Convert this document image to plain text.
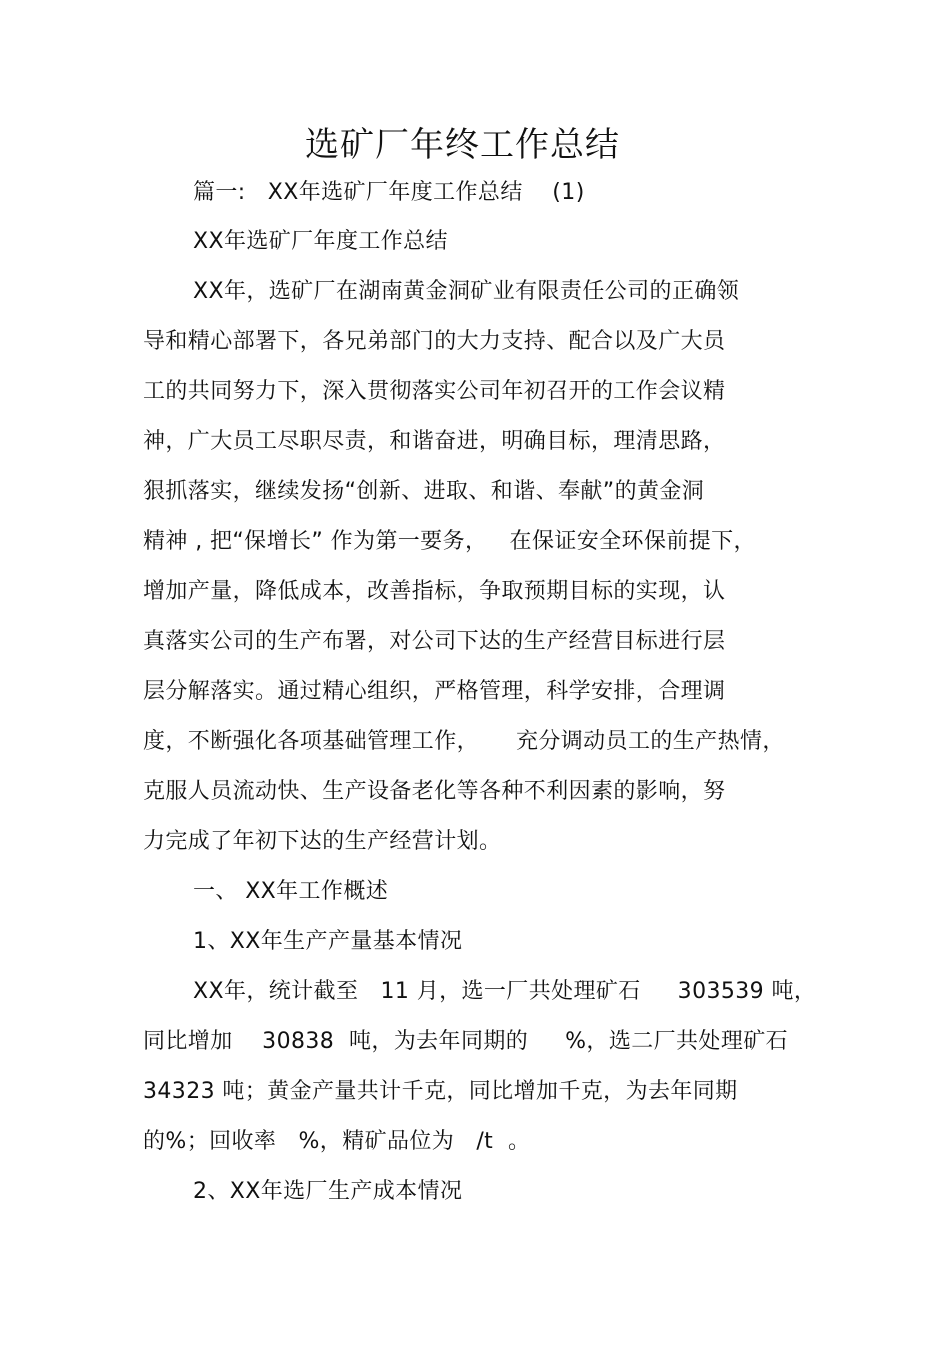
选矿厂年终工作总结
篇一:   XX年选矿厂年度工作总结    (1)
XX年选矿厂年度工作总结
XX年，选矿厂在湖南黄金洞矿业有限责任公司的正确领
导和精心部署下，各兄弟部门的大力支持、配合以及广大员
工的共同努力下，深入贯彻落实公司年初召开的工作会议精
神，广大员工尽职尽责，和谐奋进，明确目标，理清思路，
狠抓落实，继续发扬“创新、进取、和谐、奉献”的黄金洞
精神 , 把“保增长” 作为第一要务，   在保证安全环保前提下，
增加产量，降低成本，改善指标，争取预期目标的实现，认
真落实公司的生产布署，对公司下达的生产经营目标进行层
层分解落实。通过精心组织，严格管理，科学安排，合理调
度，不断强化各项基础管理工作，     充分调动员工的生产热情，
克服人员流动快、生产设备老化等各种不利因素的影响，努
力完成了年初下达的生产经营计划。
一、 XX年工作概述
1、XX年生产产量基本情况
XX年，统计截至   11 月，选一厂共处理矿石     303539 吨，
同比增加    30838  吨，为去年同期的     %，选二厂共处理矿石
34323 吨；黄金产量共计千克，同比增加千克，为去年同期
的%；回收率   %，精矿品位为   /t  。
2、XX年选厂生产成本情况
